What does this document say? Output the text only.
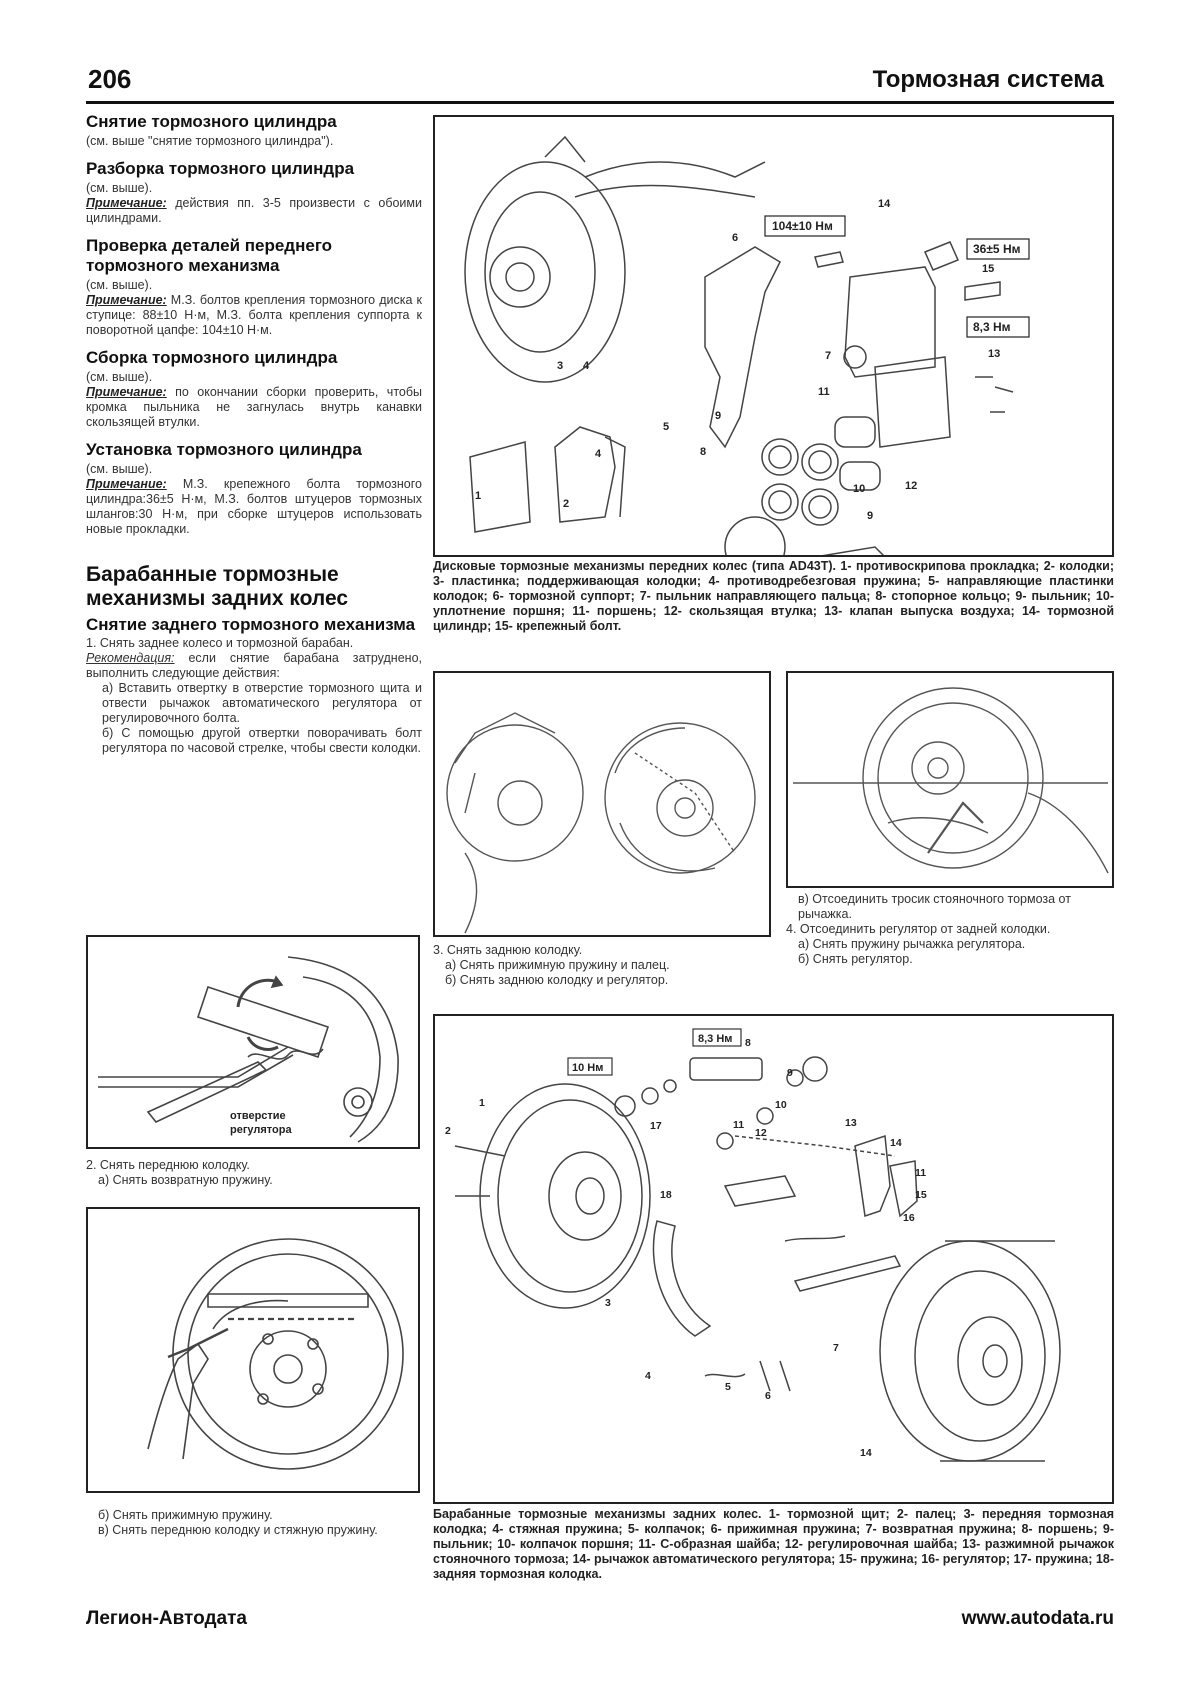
206	Тормозная система
Снятие тормозного цилиндра

(см. выше "снятие тормозного цилиндра").

Разборка тормозного цилиндра

(см. выше).

Примечание: действия пп. 3-5 произвести с обоими цилиндрами.

Проверка деталей переднего тормозного механизма

(см. выше).

Примечание: М.З. болтов крепления тормозного диска к ступице: 88±10 Н·м, М.З. болта крепления суппорта к поворотной цапфе: 104±10 Н·м.

Сборка тормозного цилиндра

(см. выше).

Примечание: по окончании сборки проверить, чтобы кромка пыльника не загнулась внутрь канавки скользящей втулки.

Установка тормозного цилиндра

(см. выше).

Примечание: М.З. крепежного болта тормозного цилиндра:36±5 Н·м, М.З. болтов штуцеров тормозных шлангов:30 Н·м, при сборке штуцеров использовать новые прокладки.

Барабанные тормозные механизмы задних колес
Снятие заднего тормозного механизма

1. Снять заднее колесо и тормозной барабан.

Рекомендация: если снятие барабана затруднено, выполнить следующие действия:

а) Вставить отвертку в отверстие тормозного щита и отвести рычажок автоматического регулятора от регулировочного болта.

б) С помощью другой отвертки поворачивать болт регулятора по часовой стрелке, чтобы свести колодки.

отверстие
регулятора
2. Снять переднюю колодку.
а) Снять возвратную пружину.
б) Снять прижимную пружину.
в) Снять переднюю колодку и стяжную пружину.
6
14
15
7
11
13
4
3
5
4
1
2
9
8
10	12
9
104±10 Нм
36±5 Нм
8,3 Нм
Дисковые тормозные механизмы передних колес (типа AD43T). 1- противоскрипова прокладка; 2- колодки; 3- пластинка; поддерживающая колодки; 4- противодребезговая пружина; 5- направляющие пластинки колодок; 6- тормозной суппорт; 7- пыльник направляющего пальца; 8- стопорное кольцо; 9- пыльник; 10- уплотнение поршня; 11- поршень; 12- скользящая втулка; 13- клапан выпуска воздуха; 14- тормозной цилиндр; 15- крепежный болт.
3. Снять заднюю колодку.
а) Снять прижимную пружину и палец.
б) Снять заднюю колодку и регулятор.
в) Отсоединить тросик стояночного тормоза от рычажка.
4. Отсоединить регулятор от задней колодки.
а) Снять пружину рычажка регулятора.
б) Снять регулятор.
1
2
8
9
10
11
12
17
18
13
14
11
15
16
3
4
5
6
7
14
10 Нм
8,3 Нм
Барабанные тормозные механизмы задних колес. 1- тормозной щит; 2- палец; 3- передняя тормозная колодка; 4- стяжная пружина; 5- колпачок; 6- прижимная пружина; 7- возвратная пружина; 8- поршень; 9- пыльник; 10- колпачок поршня; 11- С-образная шайба; 12- регулировочная шайба; 13- разжимной рычажок стояночного тормоза; 14- рычажок автоматического регулятора; 15- пружина; 16- регулятор; 17- пружина; 18- задняя тормозная колодка.
Легион-Автодата	www.autodata.ru
